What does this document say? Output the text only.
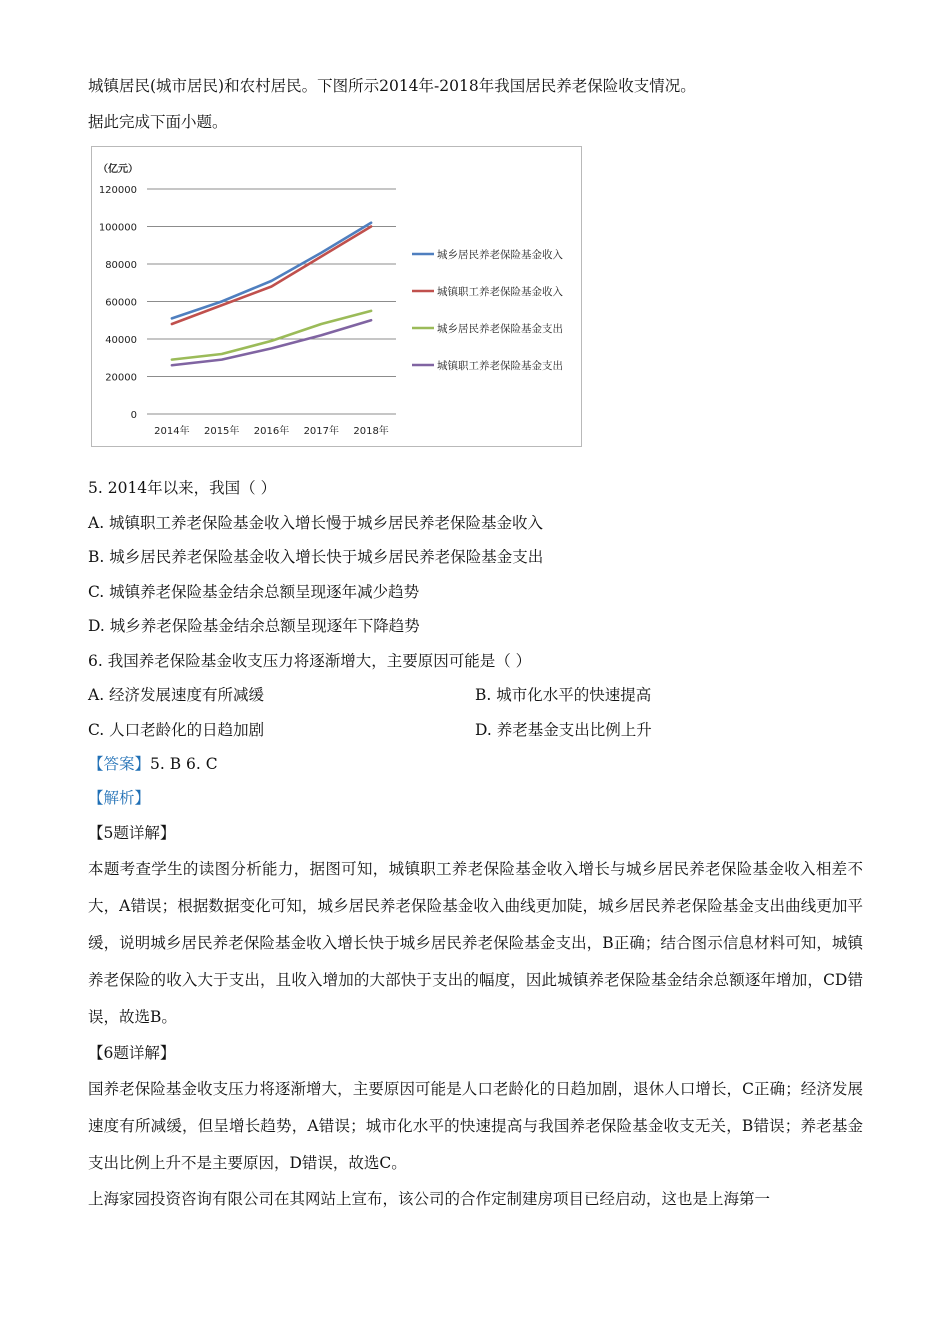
城镇居民(城市居民)和农村居民。下图所示2014年-2018年我国居民养老保险收支情况。
据此完成下面小题。
（亿元）
120000
100000
80000
60000
40000
20000
0
2014年 2015年 2016年 2017年 2018年
城乡居民养老保险基金收入
城镇职工养老保险基金收入
城乡居民养老保险基金支出
城镇职工养老保险基金支出
5. 2014年以来，我国（ ）
A. 城镇职工养老保险基金收入增长慢于城乡居民养老保险基金收入
B. 城乡居民养老保险基金收入增长快于城乡居民养老保险基金支出
C. 城镇养老保险基金结余总额呈现逐年减少趋势
D. 城乡养老保险基金结余总额呈现逐年下降趋势
6. 我国养老保险基金收支压力将逐渐增大，主要原因可能是（ ）
A. 经济发展速度有所减缓	B. 城市化水平的快速提高
C. 人口老龄化的日趋加剧	D. 养老基金支出比例上升
【答案】5. B 6. C
【解析】
【5题详解】
本题考查学生的读图分析能力，据图可知，城镇职工养老保险基金收入增长与城乡居民养老保险基金收入相差不大，A错误；根据数据变化可知，城乡居民养老保险基金收入曲线更加陡，城乡居民养老保险基金支出曲线更加平缓，说明城乡居民养老保险基金收入增长快于城乡居民养老保险基金支出，B正确；结合图示信息材料可知，城镇养老保险的收入大于支出，且收入增加的大部快于支出的幅度，因此城镇养老保险基金结余总额逐年增加，CD错误，故选B。
【6题详解】
国养老保险基金收支压力将逐渐增大，主要原因可能是人口老龄化的日趋加剧，退休人口增长，C正确；经济发展速度有所减缓，但呈增长趋势，A错误；城市化水平的快速提高与我国养老保险基金收支无关，B错误；养老基金支出比例上升不是主要原因，D错误，故选C。
上海家园投资咨询有限公司在其网站上宣布，该公司的合作定制建房项目已经启动，这也是上海第一
